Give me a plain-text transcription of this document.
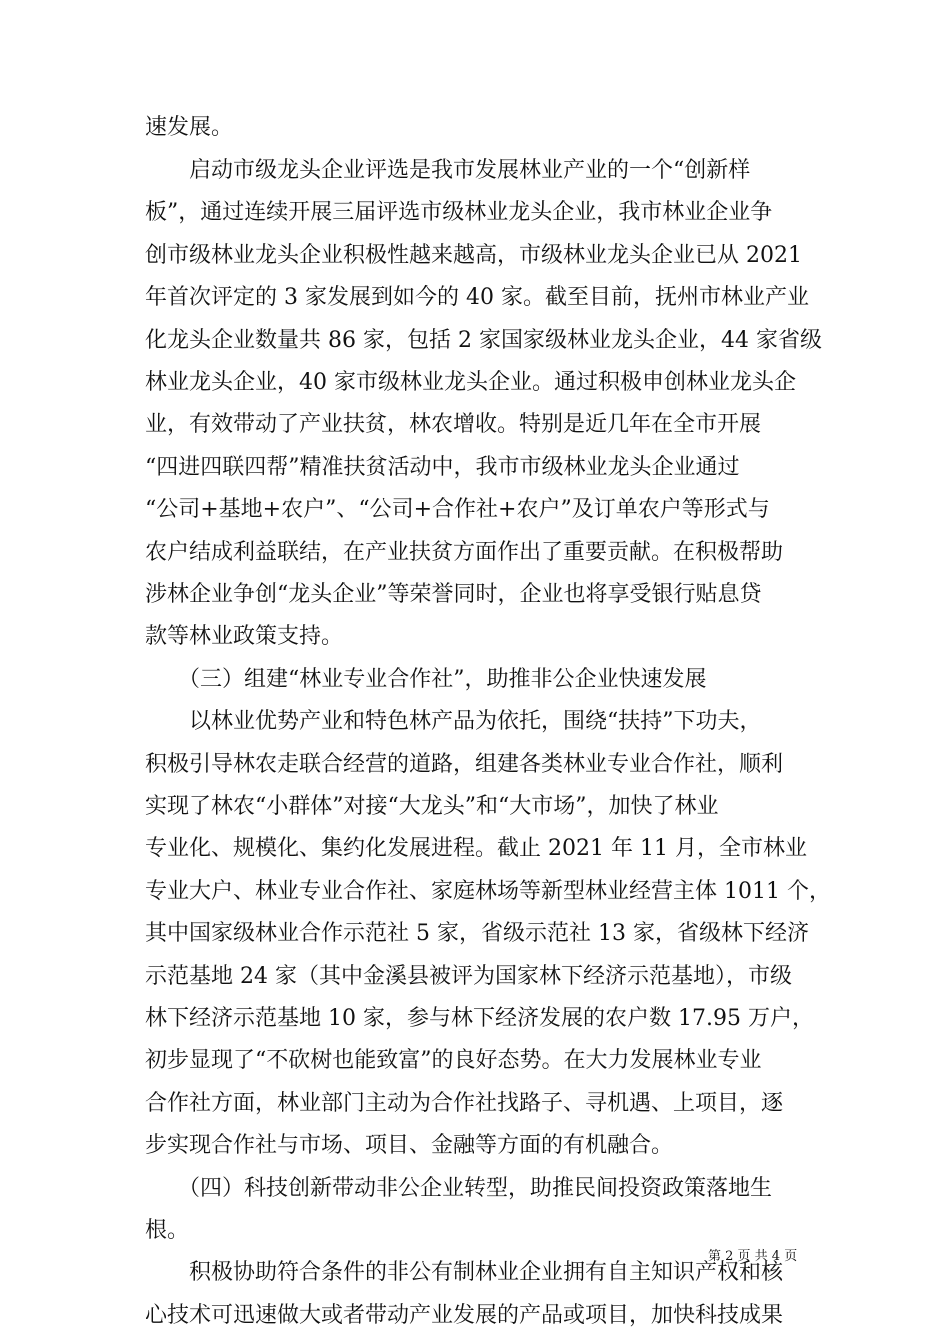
速发展。
　　启动市级龙头企业评选是我市发展林业产业的一个“创新样
板”，通过连续开展三届评选市级林业龙头企业，我市林业企业争
创市级林业龙头企业积极性越来越高，市级林业龙头企业已从 2021
年首次评定的 3 家发展到如今的 40 家。截至目前，抚州市林业产业
化龙头企业数量共 86 家，包括 2 家国家级林业龙头企业，44 家省级
林业龙头企业，40 家市级林业龙头企业。通过积极申创林业龙头企
业，有效带动了产业扶贫，林农增收。特别是近几年在全市开展
“四进四联四帮”精准扶贫活动中，我市市级林业龙头企业通过
“公司+基地+农户”、“公司+合作社+农户”及订单农户等形式与
农户结成利益联结，在产业扶贫方面作出了重要贡献。在积极帮助
涉林企业争创“龙头企业”等荣誉同时，企业也将享受银行贴息贷
款等林业政策支持。
　　（三）组建“林业专业合作社”，助推非公企业快速发展
　　以林业优势产业和特色林产品为依托，围绕“扶持”下功夫，
积极引导林农走联合经营的道路，组建各类林业专业合作社，顺利
实现了林农“小群体”对接“大龙头”和“大市场”，加快了林业
专业化、规模化、集约化发展进程。截止 2021 年 11 月，全市林业
专业大户、林业专业合作社、家庭林场等新型林业经营主体 1011 个，
其中国家级林业合作示范社 5 家，省级示范社 13 家，省级林下经济
示范基地 24 家（其中金溪县被评为国家林下经济示范基地），市级
林下经济示范基地 10 家，参与林下经济发展的农户数 17.95 万户，
初步显现了“不砍树也能致富”的良好态势。在大力发展林业专业
合作社方面，林业部门主动为合作社找路子、寻机遇、上项目，逐
步实现合作社与市场、项目、金融等方面的有机融合。
　　（四）科技创新带动非公企业转型，助推民间投资政策落地生
根。
　　积极协助符合条件的非公有制林业企业拥有自主知识产权和核
心技术可迅速做大或者带动产业发展的产品或项目，加快科技成果
第 2 页 共 4 页
